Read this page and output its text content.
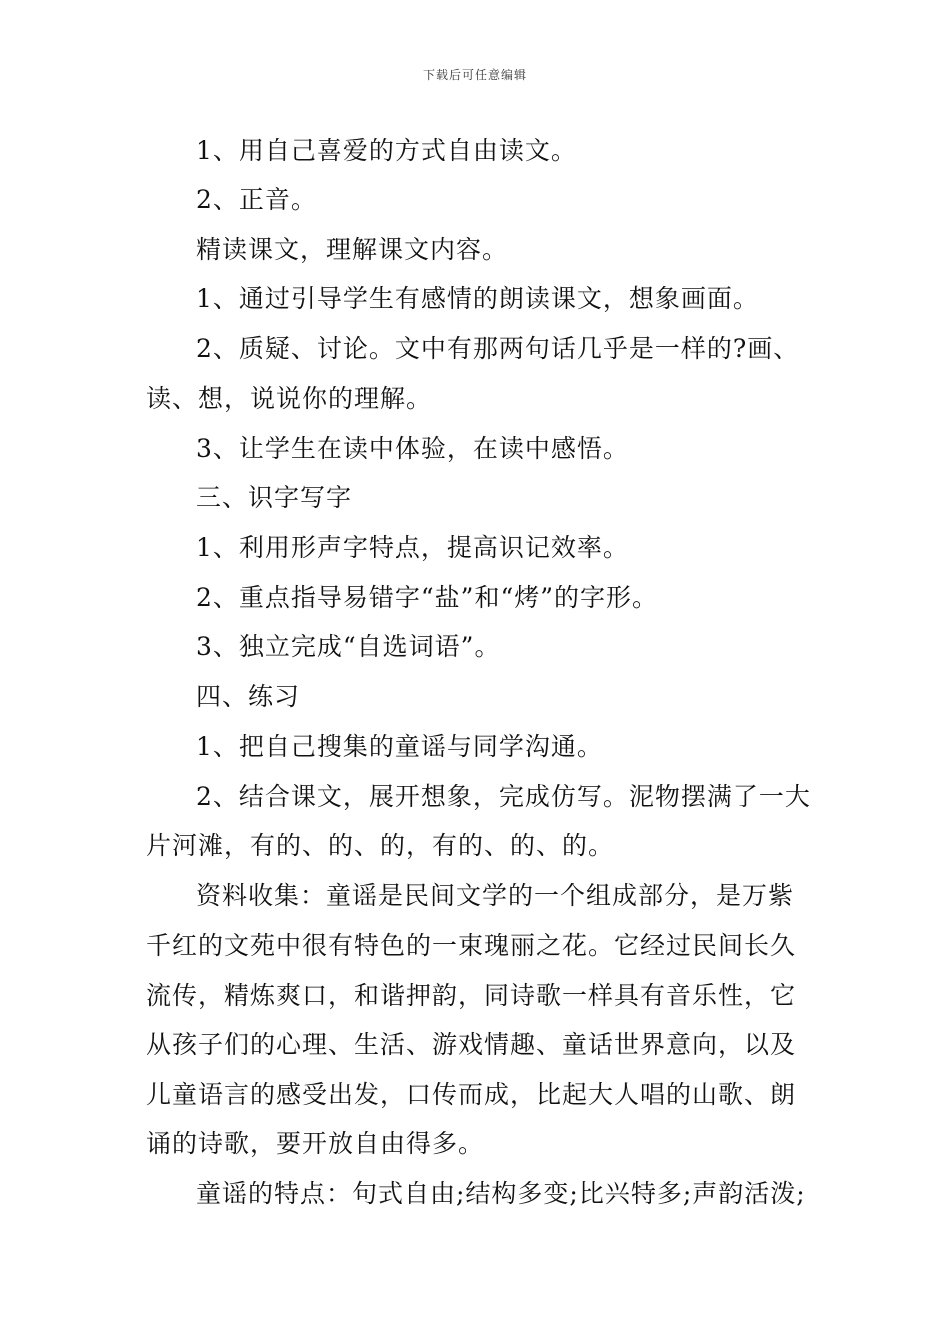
下载后可任意编辑
1、用自己喜爱的方式自由读文。
2、正音。
精读课文，理解课文内容。
1、通过引导学生有感情的朗读课文，想象画面。
2、质疑、讨论。文中有那两句话几乎是一样的?画、
读、想，说说你的理解。
3、让学生在读中体验，在读中感悟。
三、识字写字
1、利用形声字特点，提高识记效率。
2、重点指导易错字“盐”和“烤”的字形。
3、独立完成“自选词语”。
四、练习
1、把自己搜集的童谣与同学沟通。
2、结合课文，展开想象，完成仿写。泥物摆满了一大
片河滩，有的、的、的，有的、的、的。
资料收集：童谣是民间文学的一个组成部分，是万紫
千红的文苑中很有特色的一束瑰丽之花。它经过民间长久
流传，精炼爽口，和谐押韵，同诗歌一样具有音乐性，它
从孩子们的心理、生活、游戏情趣、童话世界意向，以及
儿童语言的感受出发，口传而成，比起大人唱的山歌、朗
诵的诗歌，要开放自由得多。
童谣的特点：句式自由;结构多变;比兴特多;声韵活泼;
